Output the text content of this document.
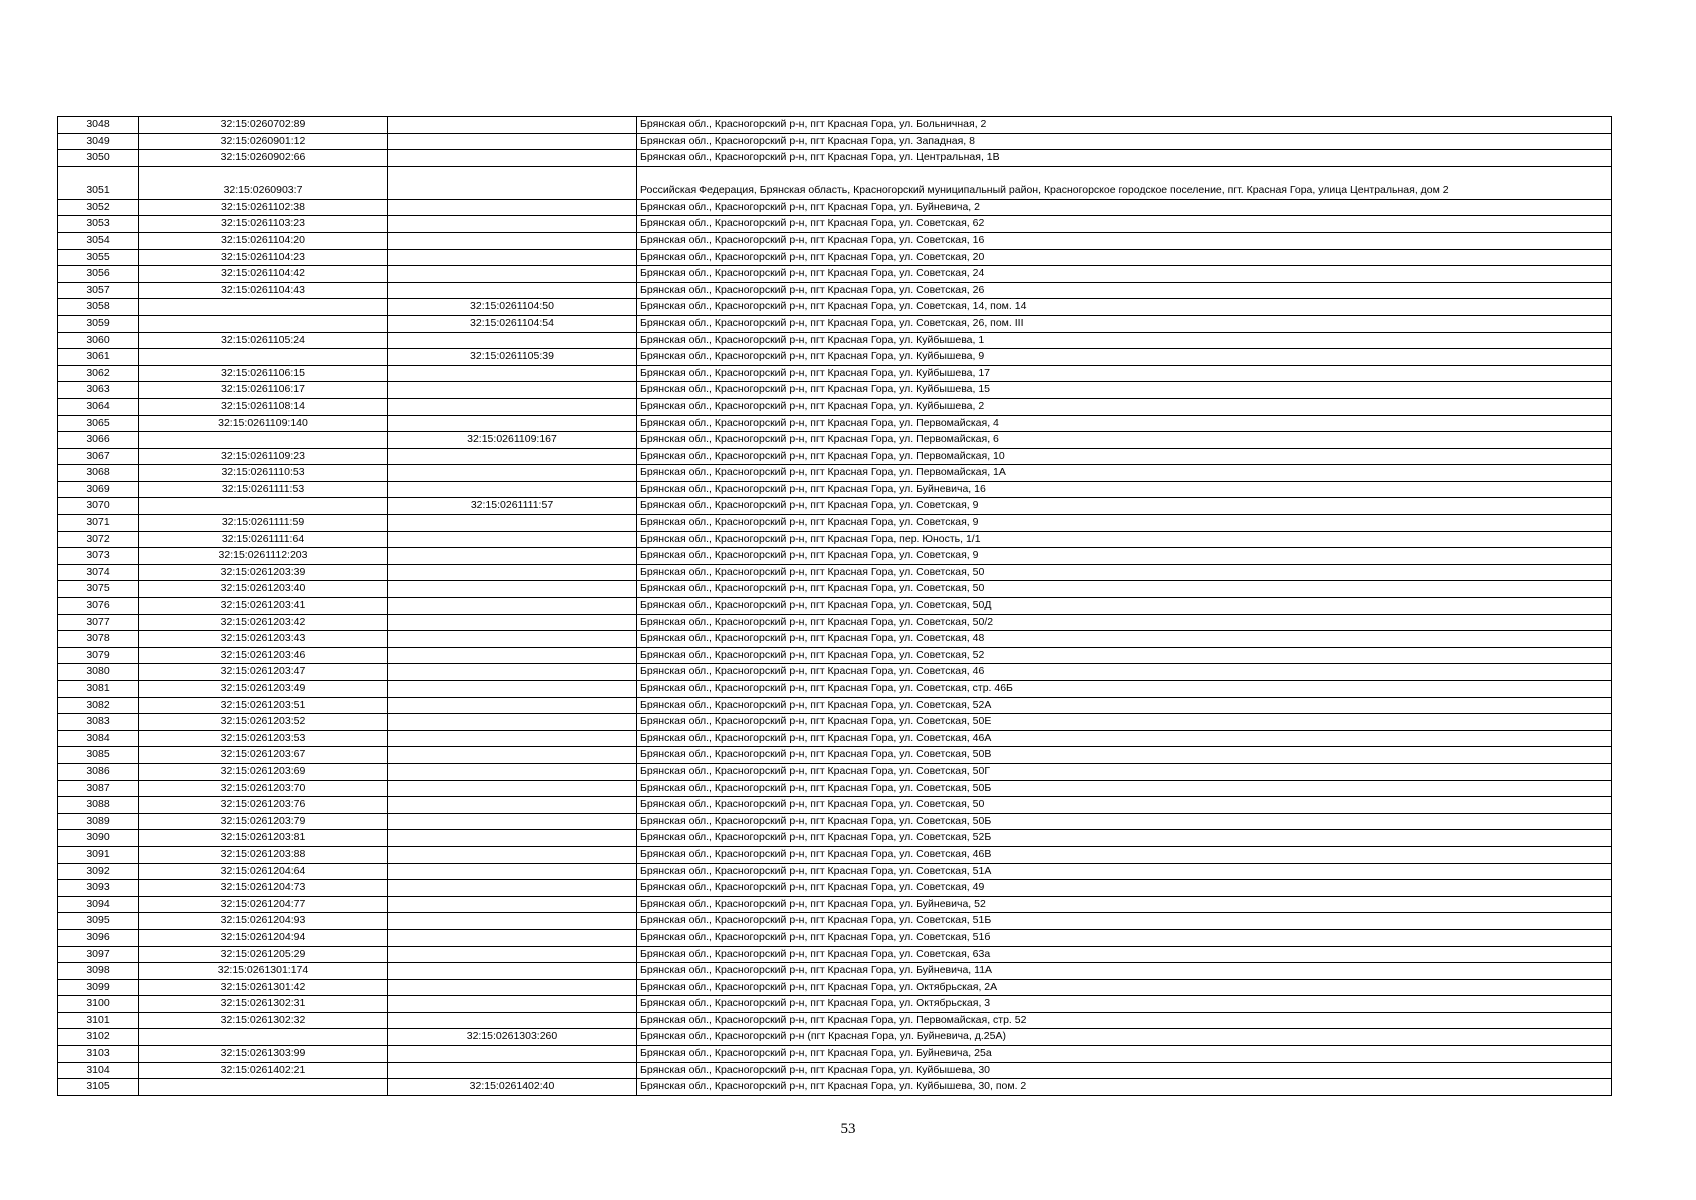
3048	32:15:0260702:89		Брянская обл., Красногорский р-н, пгт Красная Гора, ул. Больничная, 2
3049	32:15:0260901:12		Брянская обл., Красногорский р-н, пгт Красная Гора, ул. Западная, 8
3050	32:15:0260902:66		Брянская обл., Красногорский р-н, пгт Красная Гора, ул. Центральная, 1В
3051	32:15:0260903:7		Российская Федерация, Брянская область, Красногорский муниципальный район, Красногорское городское поселение, пгт. Красная Гора, улица Центральная, дом 2
3052	32:15:0261102:38		Брянская обл., Красногорский р-н, пгт Красная Гора, ул. Буйневича, 2
3053	32:15:0261103:23		Брянская обл., Красногорский р-н, пгт Красная Гора, ул. Советская, 62
3054	32:15:0261104:20		Брянская обл., Красногорский р-н, пгт Красная Гора, ул. Советская, 16
3055	32:15:0261104:23		Брянская обл., Красногорский р-н, пгт Красная Гора, ул. Советская, 20
3056	32:15:0261104:42		Брянская обл., Красногорский р-н, пгт Красная Гора, ул. Советская, 24
3057	32:15:0261104:43		Брянская обл., Красногорский р-н, пгт Красная Гора, ул. Советская, 26
3058		32:15:0261104:50	Брянская обл., Красногорский р-н, пгт Красная Гора, ул. Советская, 14, пом. 14
3059		32:15:0261104:54	Брянская обл., Красногорский р-н, пгт Красная Гора, ул. Советская, 26, пом. III
3060	32:15:0261105:24		Брянская обл., Красногорский р-н, пгт Красная Гора, ул. Куйбышева, 1
3061		32:15:0261105:39	Брянская обл., Красногорский р-н, пгт Красная Гора, ул. Куйбышева, 9
3062	32:15:0261106:15		Брянская обл., Красногорский р-н, пгт Красная Гора, ул. Куйбышева, 17
3063	32:15:0261106:17		Брянская обл., Красногорский р-н, пгт Красная Гора, ул. Куйбышева, 15
3064	32:15:0261108:14		Брянская обл., Красногорский р-н, пгт Красная Гора, ул. Куйбышева, 2
3065	32:15:0261109:140		Брянская обл., Красногорский р-н, пгт Красная Гора, ул. Первомайская, 4
3066		32:15:0261109:167	Брянская обл., Красногорский р-н, пгт Красная Гора, ул. Первомайская, 6
3067	32:15:0261109:23		Брянская обл., Красногорский р-н, пгт Красная Гора, ул. Первомайская, 10
3068	32:15:0261110:53		Брянская обл., Красногорский р-н, пгт Красная Гора, ул. Первомайская, 1А
3069	32:15:0261111:53		Брянская обл., Красногорский р-н, пгт Красная Гора, ул. Буйневича, 16
3070		32:15:0261111:57	Брянская обл., Красногорский р-н, пгт Красная Гора, ул. Советская, 9
3071	32:15:0261111:59		Брянская обл., Красногорский р-н, пгт Красная Гора, ул. Советская, 9
3072	32:15:0261111:64		Брянская обл., Красногорский р-н, пгт Красная Гора, пер. Юность, 1/1
3073	32:15:0261112:203		Брянская обл., Красногорский р-н, пгт Красная Гора, ул. Советская, 9
3074	32:15:0261203:39		Брянская обл., Красногорский р-н, пгт Красная Гора, ул. Советская, 50
3075	32:15:0261203:40		Брянская обл., Красногорский р-н, пгт Красная Гора, ул. Советская, 50
3076	32:15:0261203:41		Брянская обл., Красногорский р-н, пгт Красная Гора, ул. Советская, 50Д
3077	32:15:0261203:42		Брянская обл., Красногорский р-н, пгт Красная Гора, ул. Советская, 50/2
3078	32:15:0261203:43		Брянская обл., Красногорский р-н, пгт Красная Гора, ул. Советская, 48
3079	32:15:0261203:46		Брянская обл., Красногорский р-н, пгт Красная Гора, ул. Советская, 52
3080	32:15:0261203:47		Брянская обл., Красногорский р-н, пгт Красная Гора, ул. Советская, 46
3081	32:15:0261203:49		Брянская обл., Красногорский р-н, пгт Красная Гора, ул. Советская, стр. 46Б
3082	32:15:0261203:51		Брянская обл., Красногорский р-н, пгт Красная Гора, ул. Советская, 52А
3083	32:15:0261203:52		Брянская обл., Красногорский р-н, пгт Красная Гора, ул. Советская, 50Е
3084	32:15:0261203:53		Брянская обл., Красногорский р-н, пгт Красная Гора, ул. Советская, 46А
3085	32:15:0261203:67		Брянская обл., Красногорский р-н, пгт Красная Гора, ул. Советская, 50В
3086	32:15:0261203:69		Брянская обл., Красногорский р-н, пгт Красная Гора, ул. Советская, 50Г
3087	32:15:0261203:70		Брянская обл., Красногорский р-н, пгт Красная Гора, ул. Советская, 50Б
3088	32:15:0261203:76		Брянская обл., Красногорский р-н, пгт Красная Гора, ул. Советская, 50
3089	32:15:0261203:79		Брянская обл., Красногорский р-н, пгт Красная Гора, ул. Советская, 50Б
3090	32:15:0261203:81		Брянская обл., Красногорский р-н, пгт Красная Гора, ул. Советская, 52Б
3091	32:15:0261203:88		Брянская обл., Красногорский р-н, пгт Красная Гора, ул. Советская, 46В
3092	32:15:0261204:64		Брянская обл., Красногорский р-н, пгт Красная Гора, ул. Советская, 51А
3093	32:15:0261204:73		Брянская обл., Красногорский р-н, пгт Красная Гора, ул. Советская, 49
3094	32:15:0261204:77		Брянская обл., Красногорский р-н, пгт Красная Гора, ул. Буйневича, 52
3095	32:15:0261204:93		Брянская обл., Красногорский р-н, пгт Красная Гора, ул. Советская, 51Б
3096	32:15:0261204:94		Брянская обл., Красногорский р-н, пгт Красная Гора, ул. Советская, 51б
3097	32:15:0261205:29		Брянская обл., Красногорский р-н, пгт Красная Гора, ул. Советская, 63а
3098	32:15:0261301:174		Брянская обл., Красногорский р-н, пгт Красная Гора, ул. Буйневича, 11А
3099	32:15:0261301:42		Брянская обл., Красногорский р-н, пгт Красная Гора, ул. Октябрьская, 2А
3100	32:15:0261302:31		Брянская обл., Красногорский р-н, пгт Красная Гора, ул. Октябрьская, 3
3101	32:15:0261302:32		Брянская обл., Красногорский р-н, пгт Красная Гора, ул. Первомайская, стр. 52
3102		32:15:0261303:260	Брянская обл., Красногорский р-н (пгт Красная Гора, ул. Буйневича, д.25А)
3103	32:15:0261303:99		Брянская обл., Красногорский р-н, пгт Красная Гора, ул. Буйневича, 25а
3104	32:15:0261402:21		Брянская обл., Красногорский р-н, пгт Красная Гора, ул. Куйбышева, 30
3105		32:15:0261402:40	Брянская обл., Красногорский р-н, пгт Красная Гора, ул. Куйбышева, 30, пом. 2
53
